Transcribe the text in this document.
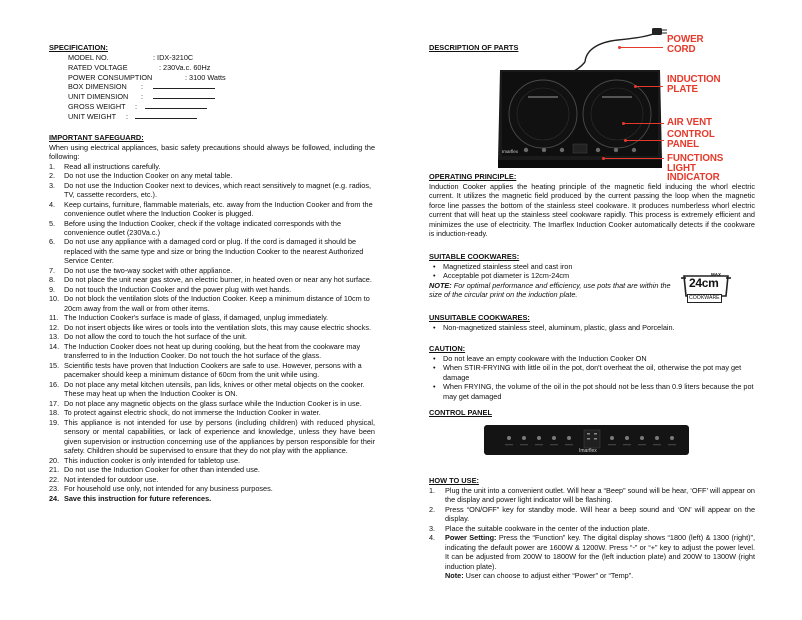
SPECIFICATION:
MODEL NO.	: IDX-3210C
RATED VOLTAGE	: 230Va.c. 60Hz
POWER CONSUMPTION	: 3100 Watts
BOX DIMENSION :
UNIT DIMENSION :
GROSS WEIGHT :
UNIT WEIGHT :
IMPORTANT SAFEGUARD:

When using electrical appliances, basic safety precautions should always be followed, including the following:

1. Read all instructions carefully.
2. Do not use the Induction Cooker on any metal table.
3. Do not use the Induction Cooker next to devices, which react sensitively to magnet (e.g. radios, TV, cassette recorders, etc.).
4. Keep curtains, furniture, flammable materials, etc. away from the Induction Cooker and from the convenience outlet where the Induction Cooker is plugged.
5. Before using the Induction Cooker, check if the voltage indicated corresponds with the convenience outlet (230Va.c.)
6. Do not use any appliance with a damaged cord or plug. If the cord is damaged it should be replaced with the same type and size or bring the Induction Cooker to the nearest Authorized Service Center.
7. Do not use the two-way socket with other appliance.
8. Do not place the unit near gas stove, an electric burner, in heated oven or near any hot surface.
9. Do not touch the Induction Cooker and the power plug with wet hands.
10. Do not block the ventilation slots of the Induction Cooker. Keep a minimum distance of 10cm to 20cm away from the wall or from other items.
11. The Induction Cooker's surface is made of glass, if damaged, unplug immediately.
12. Do not insert objects like wires or tools into the ventilation slots, this may cause electric shocks.
13. Do not allow the cord to touch the hot surface of the unit.
14. The Induction Cooker does not heat up during cooking, but the heat from the cookware may transferred to in the Induction Cooker. Do not touch the hot surface of the glass.
15. Scientific tests have proven that Induction Cookers are safe to use. However, persons with a pacemaker should keep a minimum distance of 60cm from the unit while using.
16. Do not place any metal kitchen utensils, pan lids, knives or other metal objects on the cooker. These may heat up when the Induction Cooker is ON.
17. Do not place any magnetic objects on the glass surface while the Induction Cooker is in use.
18. To protect against electric shock, do not immerse the Induction Cooker in water.
19. This appliance is not intended for use by persons (including children) with reduced physical, sensory or mental capabilities, or lack of experience and knowledge, unless they have been given supervision or instruction concerning use of the appliances by person responsible for their safety. Children should be supervised to ensure that they do not play with the appliance.
20. This induction cooker is only intended for tabletop use.
21. Do not use the Induction Cooker for other than intended use.
22. Not intended for outdoor use.
23. For household use only, not intended for any business purposes.
24. Save this instruction for future references.
DESCRIPTION OF PARTS
Imarflex
POWER CORD
INDUCTION PLATE
AIR VENT
CONTROL PANEL
FUNCTIONS LIGHT INDICATOR
OPERATING PRINCIPLE:

Induction Cooker applies the heating principle of the magnetic field inducing the whorl electric current. It utilizes the magnetic field produced by the current passing the loop when the magnetic force line passes the bottom of the stainless steel cookware. It produces numberless whorl electric current that will heat up the stainless steel cookware rapidly. This process is extremely efficient and minimizes the use of electricity. The Imarflex Induction Cooker automatically detects if the cookware is induction-ready.

SUITABLE COOKWARES:
• Magnetized stainless steel and cast iron
• Acceptable pot diameter is 12cm-24cm

NOTE: For optimal performance and efficiency, use pots that are within the size of the circular print on the induction plate.

MAX
24cm
COOKWARE
UNSUITABLE COOKWARES:
• Non-magnetized stainless steel, aluminum, plastic, glass and Porcelain.
CAUTION:
• Do not leave an empty cookware with the Induction Cooker ON
• When STIR-FRYING with little oil in the pot, don't overheat the oil, otherwise the pot may get damage
• When FRYING, the volume of the oil in the pot should not be less than 0.9 liters because the pot may get damaged
CONTROL PANEL
Imarflex
HOW TO USE:
1. Plug the unit into a convenient outlet. Will hear a “Beep” sound will be hear, ‘OFF’ will appear on the display and power light indicator will be flashing.
2. Press “ON/OFF” key for standby mode. Will hear a beep sound and ‘ON’ will appear on the display.
3. Place the suitable cookware in the center of the induction plate.
4. Power Setting: Press the “Function” key. The digital display shows “1800 (left) & 1300 (right)”, indicating the default power are 1600W & 1200W. Press “-” or “+” key to adjust the power level. It can be adjusted from 200W to 1800W for the (left induction plate) and 200W to 1300W (right induction plate).
Note: User can choose to adjust either “Power” or “Temp”.
